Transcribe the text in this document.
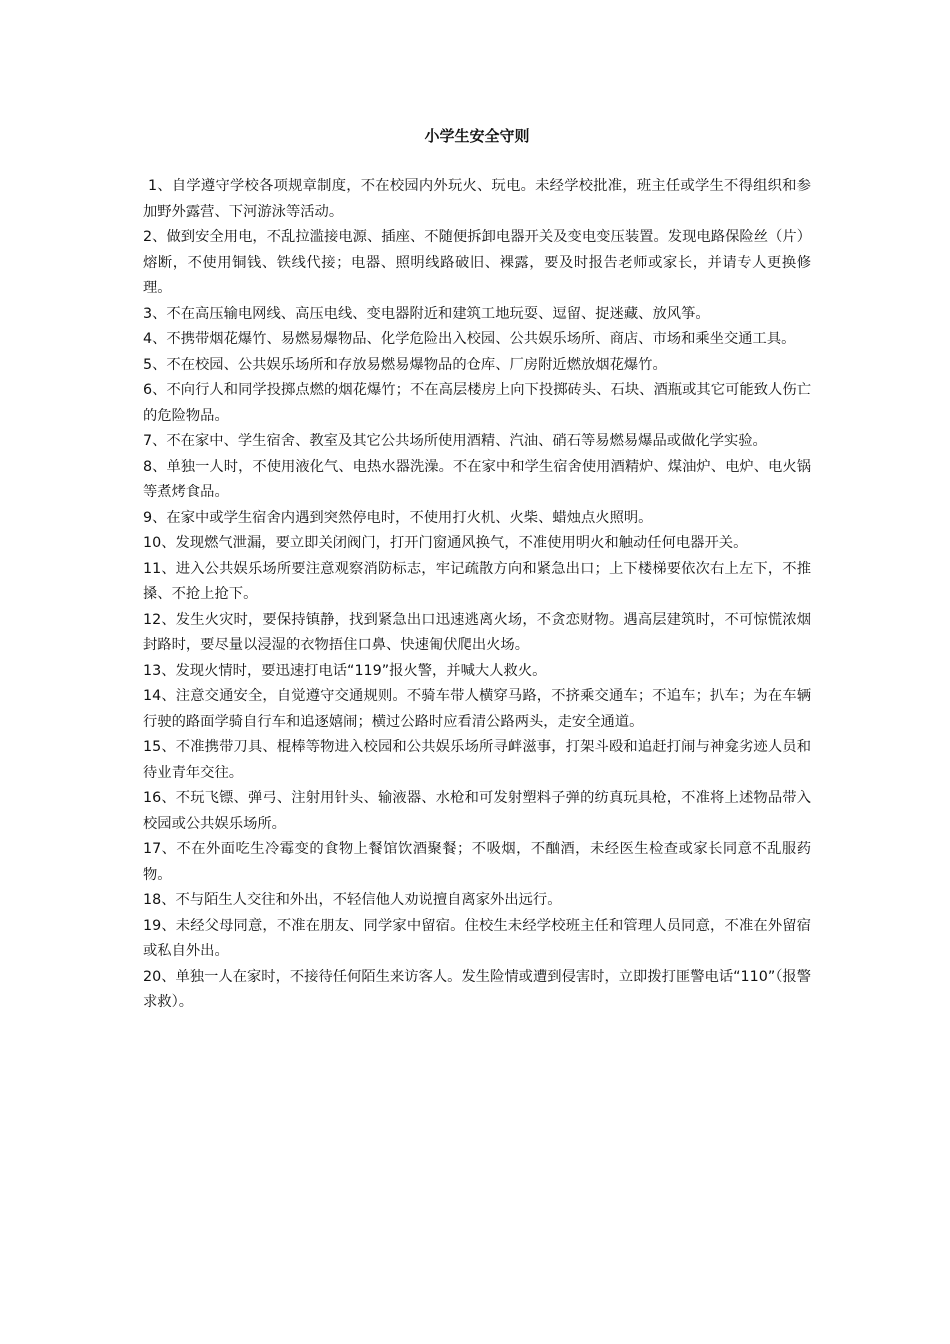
小学生安全守则

1、自学遵守学校各项规章制度，不在校园内外玩火、玩电。未经学校批准，班主任或学生不得组织和参加野外露营、下河游泳等活动。

2、做到安全用电，不乱拉滥接电源、插座、不随便拆卸电器开关及变电变压装置。发现电路保险丝（片）熔断，不使用铜钱、铁线代接；电器、照明线路破旧、裸露，要及时报告老师或家长，并请专人更换修理。

3、不在高压输电网线、高压电线、变电器附近和建筑工地玩耍、逗留、捉迷藏、放风筝。

4、不携带烟花爆竹、易燃易爆物品、化学危险出入校园、公共娱乐场所、商店、市场和乘坐交通工具。

5、不在校园、公共娱乐场所和存放易燃易爆物品的仓库、厂房附近燃放烟花爆竹。

6、不向行人和同学投掷点燃的烟花爆竹；不在高层楼房上向下投掷砖头、石块、酒瓶或其它可能致人伤亡的危险物品。

7、不在家中、学生宿舍、教室及其它公共场所使用酒精、汽油、硝石等易燃易爆品或做化学实验。

8、单独一人时，不使用液化气、电热水器洗澡。不在家中和学生宿舍使用酒精炉、煤油炉、电炉、电火锅等煮烤食品。

9、在家中或学生宿舍内遇到突然停电时，不使用打火机、火柴、蜡烛点火照明。

10、发现燃气泄漏，要立即关闭阀门，打开门窗通风换气，不准使用明火和触动任何电器开关。

11、进入公共娱乐场所要注意观察消防标志，牢记疏散方向和紧急出口；上下楼梯要依次右上左下，不推搡、不抢上抢下。

12、发生火灾时，要保持镇静，找到紧急出口迅速逃离火场，不贪恋财物。遇高层建筑时，不可惊慌浓烟封路时，要尽量以浸湿的衣物捂住口鼻、快速匍伏爬出火场。

13、发现火情时，要迅速打电话“119”报火警，并喊大人救火。

14、注意交通安全，自觉遵守交通规则。不骑车带人横穿马路，不挤乘交通车；不追车；扒车；为在车辆行驶的路面学骑自行车和追逐嬉闹；横过公路时应看清公路两头，走安全通道。

15、不准携带刀具、棍棒等物进入校园和公共娱乐场所寻衅滋事，打架斗殴和追赶打闹与神龛劣迹人员和待业青年交往。

16、不玩飞镖、弹弓、注射用针头、输液器、水枪和可发射塑料子弹的纺真玩具枪，不准将上述物品带入校园或公共娱乐场所。

17、不在外面吃生冷霉变的食物上餐馆饮酒聚餐；不吸烟，不酗酒，未经医生检查或家长同意不乱服药物。

18、不与陌生人交往和外出，不轻信他人劝说擅自离家外出远行。

19、未经父母同意，不准在朋友、同学家中留宿。住校生未经学校班主任和管理人员同意，不准在外留宿或私自外出。

20、单独一人在家时，不接待任何陌生来访客人。发生险情或遭到侵害时，立即拨打匪警电话“110”（报警求救）。
